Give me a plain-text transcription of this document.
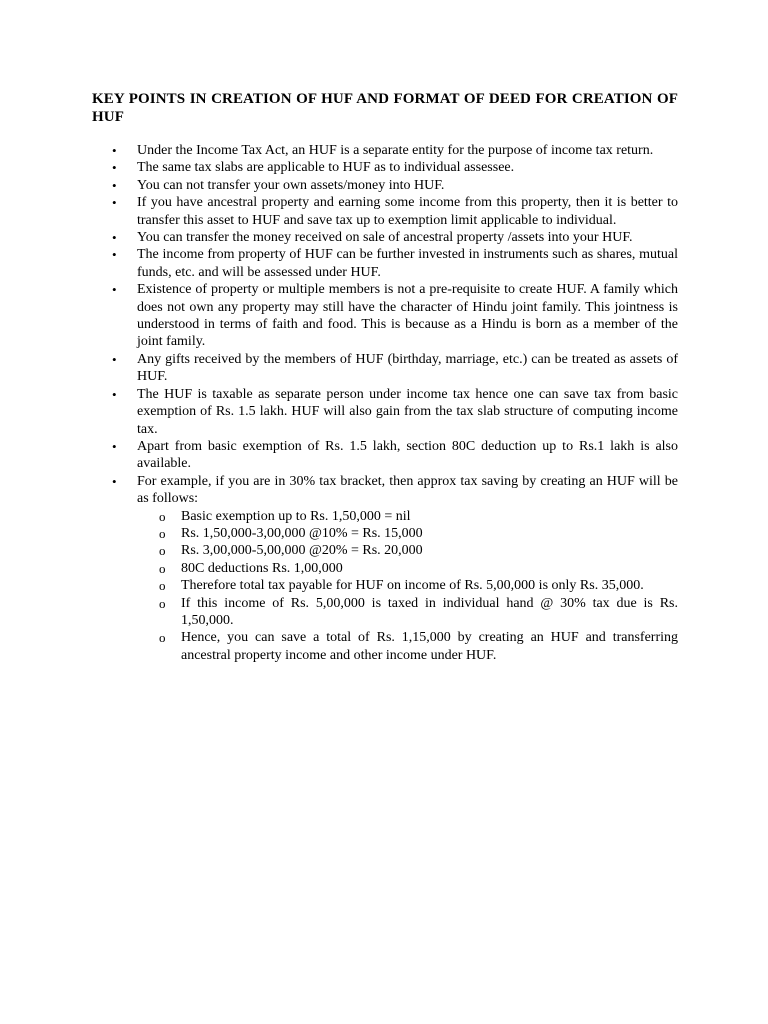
KEY POINTS IN CREATION OF HUF AND FORMAT OF DEED FOR CREATION OF HUF
• Under the Income Tax Act, an HUF is a separate entity for the purpose of income tax return.
• The same tax slabs are applicable to HUF as to individual assessee.
• You can not transfer your own assets/money into HUF.
• If you have ancestral property and earning some income from this property, then it is better to transfer this asset to HUF and save tax up to exemption limit applicable to individual.
• You can transfer the money received on sale of ancestral property /assets into your HUF.
• The income from property of HUF can be further invested in instruments such as shares, mutual funds, etc. and will be assessed under HUF.
• Existence of property or multiple members is not a pre-requisite to create HUF. A family which does not own any property may still have the character of Hindu joint family. This jointness is understood in terms of faith and food. This is because as a Hindu is born as a member of the joint family.
• Any gifts received by the members of HUF (birthday, marriage, etc.) can be treated as assets of HUF.
• The HUF is taxable as separate person under income tax hence one can save tax from basic exemption of Rs. 1.5 lakh. HUF will also gain from the tax slab structure of computing income tax.
• Apart from basic exemption of Rs. 1.5 lakh, section 80C deduction up to Rs.1 lakh is also available.
• For example, if you are in 30% tax bracket, then approx tax saving by creating an HUF will be as follows:
o Basic exemption up to Rs. 1,50,000 = nil
o Rs. 1,50,000-3,00,000 @10% = Rs. 15,000
o Rs. 3,00,000-5,00,000 @20% = Rs. 20,000
o 80C deductions Rs. 1,00,000
o Therefore total tax payable for HUF on income of Rs. 5,00,000 is only Rs. 35,000.
o If this income of Rs. 5,00,000 is taxed in individual hand @ 30% tax due is Rs. 1,50,000.
o Hence, you can save a total of Rs. 1,15,000 by creating an HUF and transferring ancestral property income and other income under HUF.
